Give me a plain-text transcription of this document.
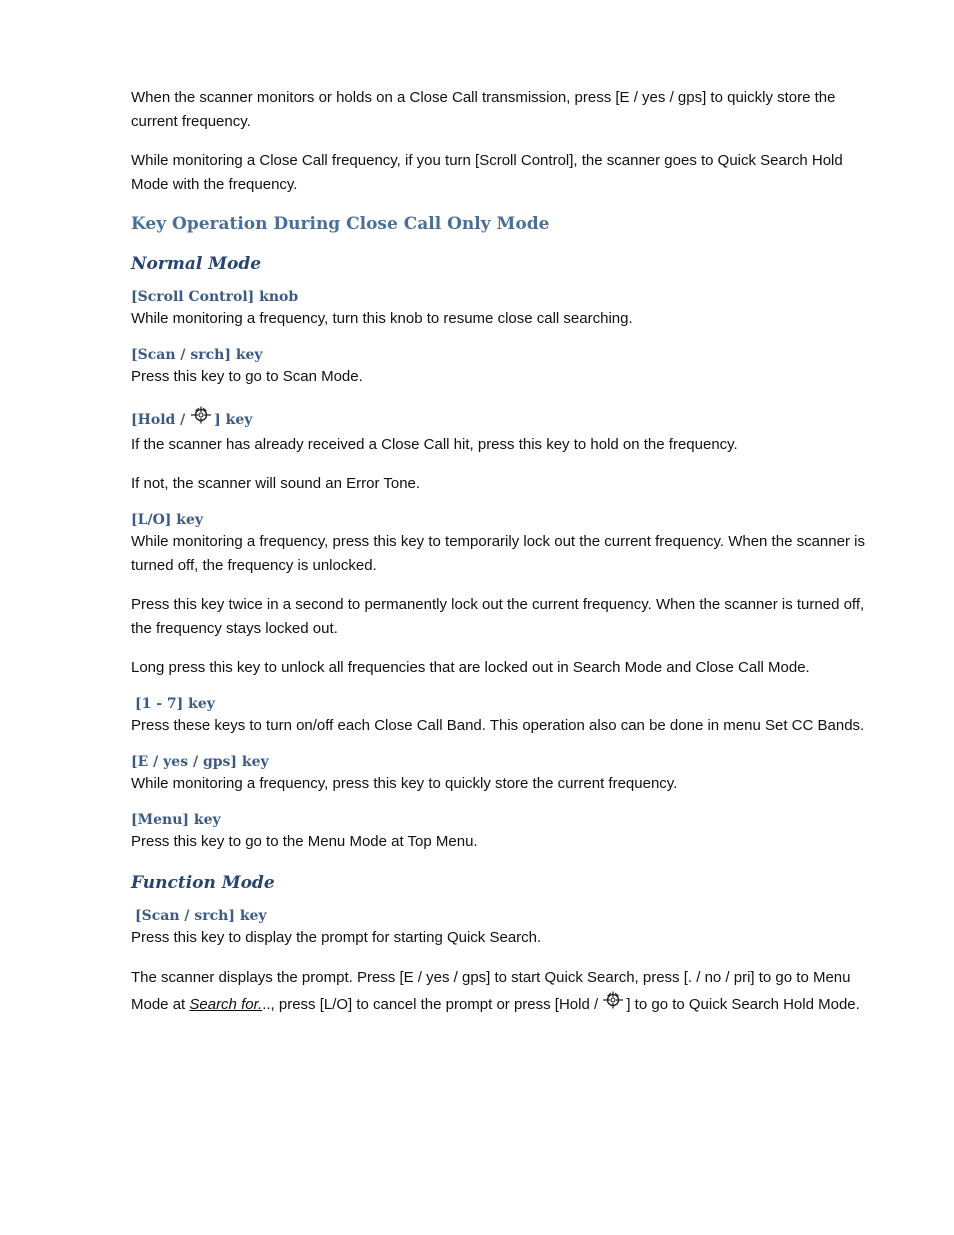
When the scanner monitors or holds on a Close Call transmission, press [E / yes / gps] to quickly store the current frequency.

While monitoring a Close Call frequency, if you turn [Scroll Control], the scanner goes to Quick Search Hold Mode with the frequency.

Key Operation During Close Call Only Mode
Normal Mode
[Scroll Control] knob

While monitoring a frequency, turn this knob to resume close call searching.

[Scan / srch] key

Press this key to go to Scan Mode.

[Hold /
] key

If the scanner has already received a Close Call hit, press this key to hold on the frequency.

If not, the scanner will sound an Error Tone.

[L/O] key

While monitoring a frequency, press this key to temporarily lock out the current frequency. When the scanner is turned off, the frequency is unlocked.

Press this key twice in a second to permanently lock out the current frequency. When the scanner is turned off, the frequency stays locked out.

Long press this key to unlock all frequencies that are locked out in Search Mode and Close Call Mode.

[1 - 7] key

Press these keys to turn on/off each Close Call Band. This operation also can be done in menu Set CC Bands.

[E / yes / gps] key

While monitoring a frequency, press this key to quickly store the current frequency.

[Menu] key

Press this key to go to the Menu Mode at Top Menu.

Function Mode
[Scan / srch] key

Press this key to display the prompt for starting Quick Search.

The scanner displays the prompt. Press [E / yes / gps] to start Quick Search, press [. / no / pri] to go to Menu Mode at Search for..., press [L/O] to cancel the prompt or press [Hold /
] to go to Quick Search Hold Mode.
